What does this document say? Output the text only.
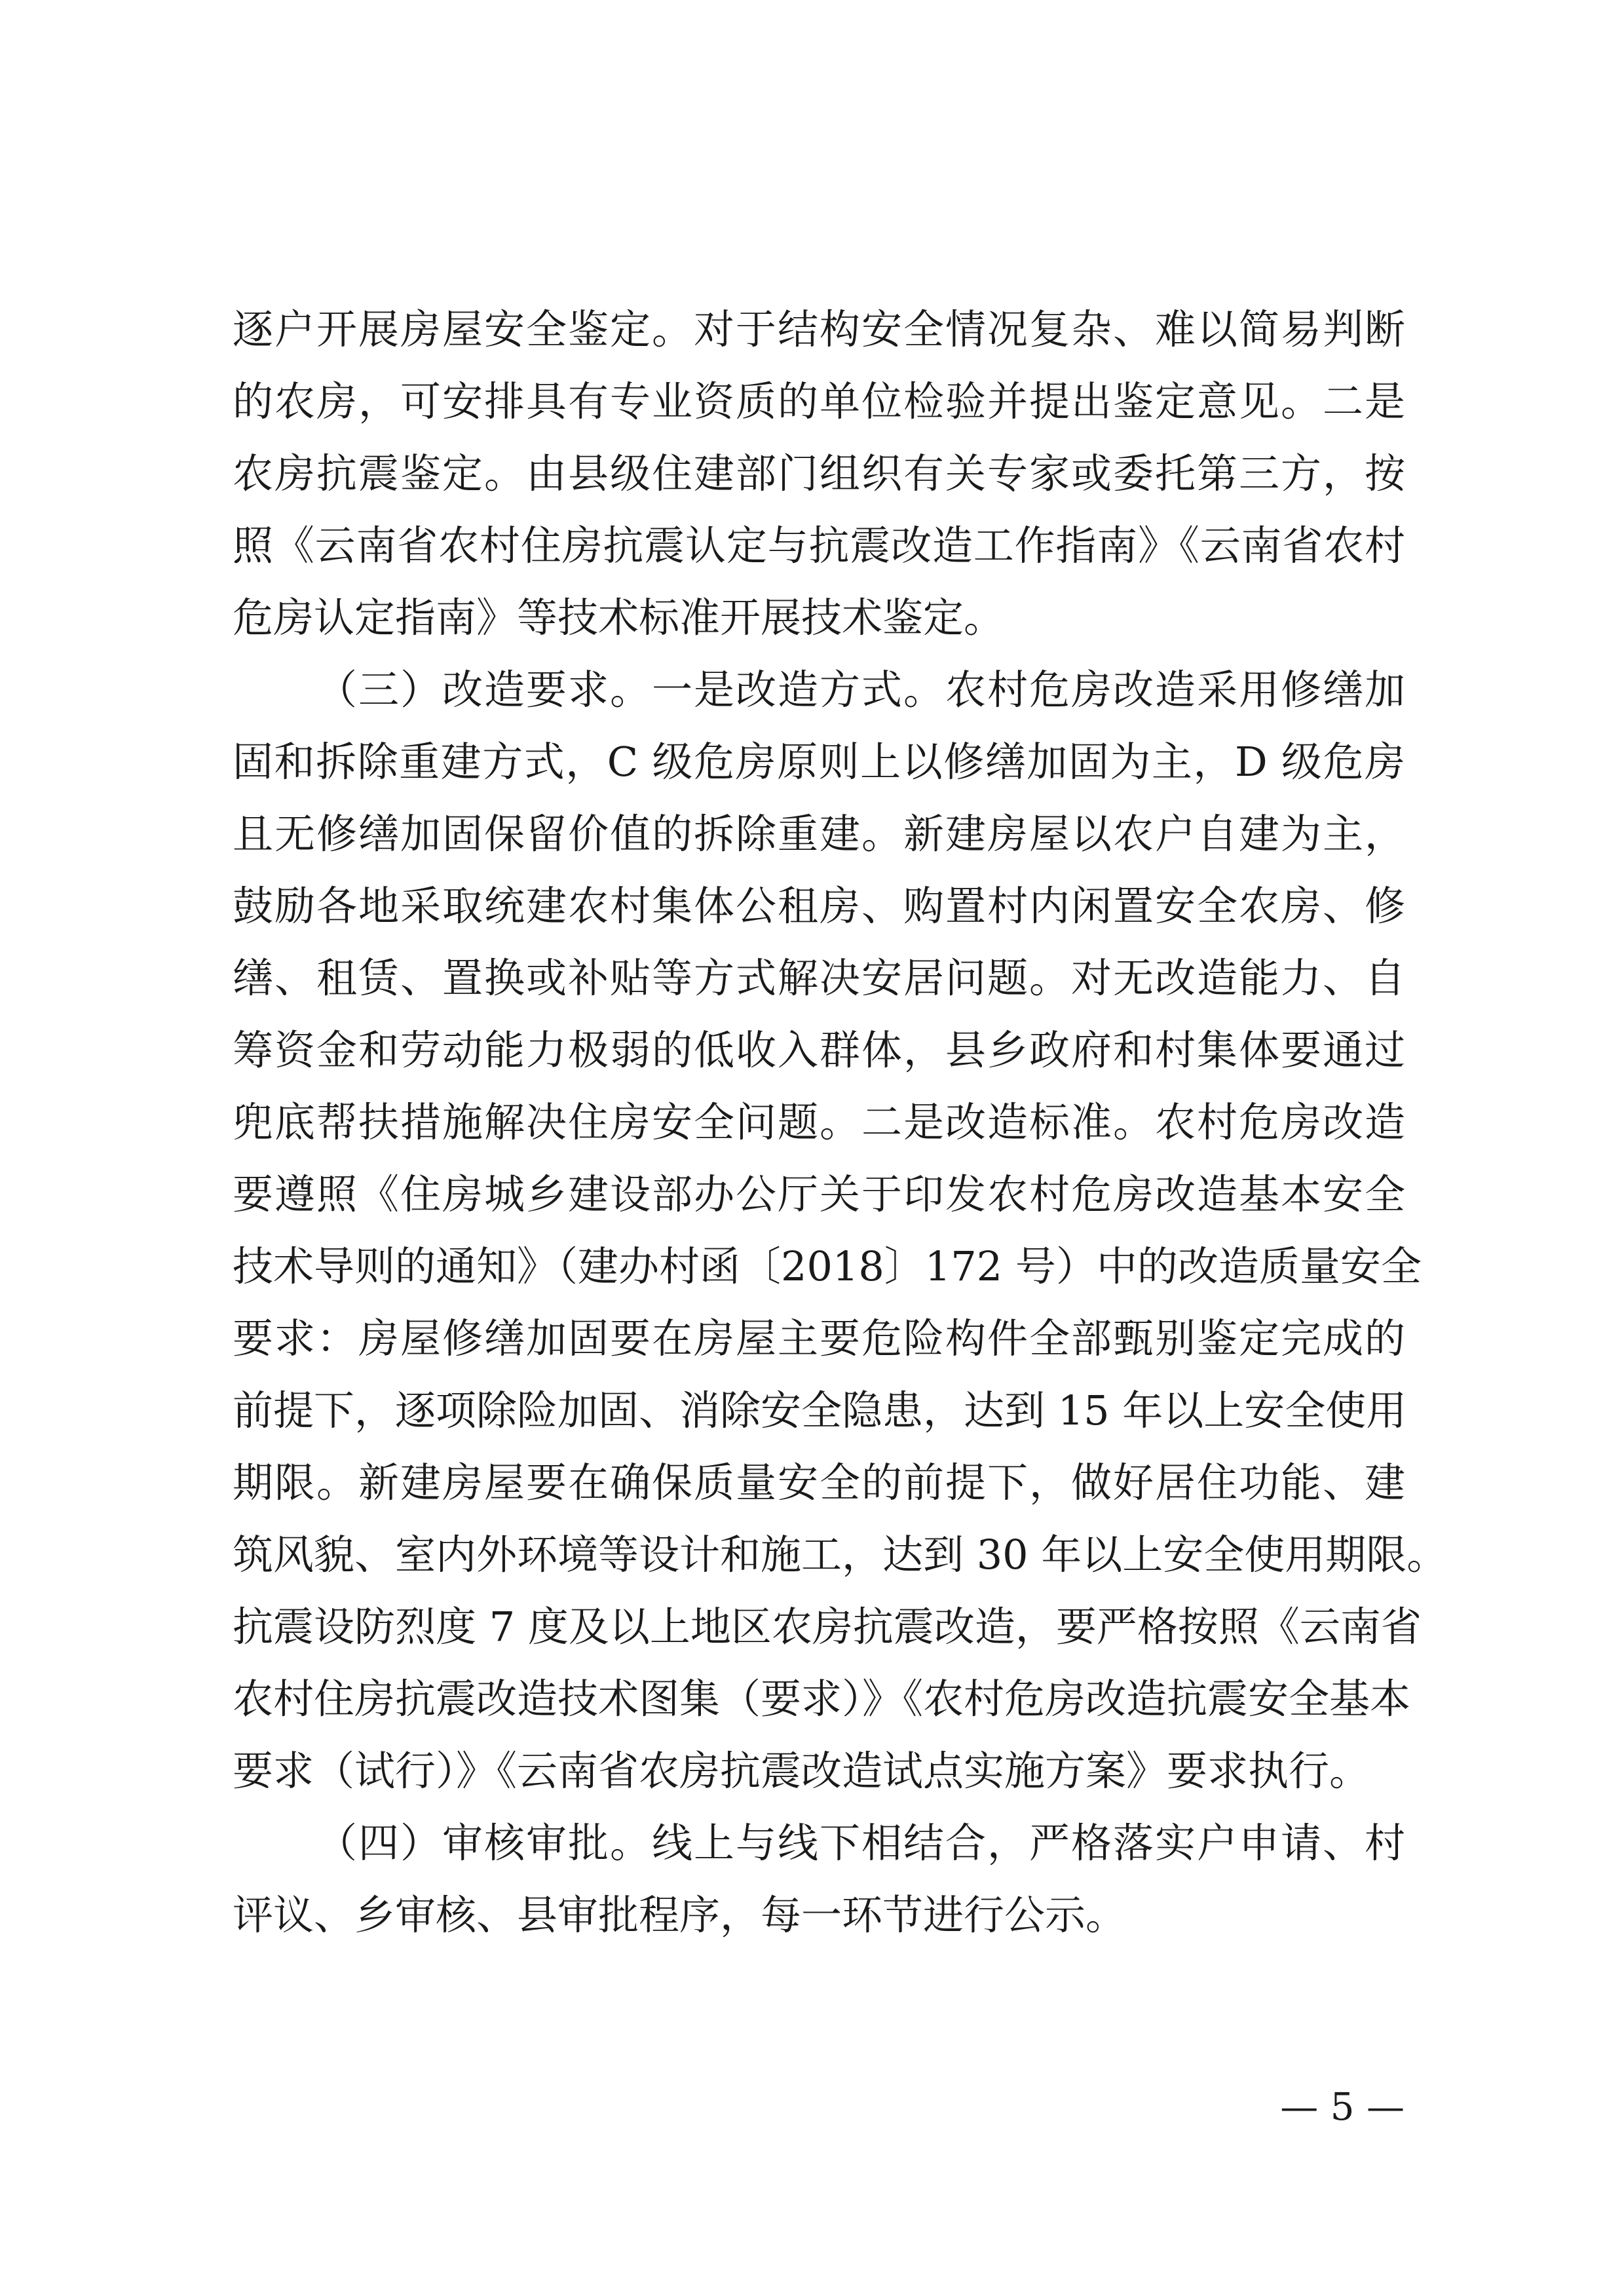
逐户开展房屋安全鉴定。对于结构安全情况复杂、难以简易判断
的农房，可安排具有专业资质的单位检验并提出鉴定意见。二是
农房抗震鉴定。由县级住建部门组织有关专家或委托第三方，按
照《云南省农村住房抗震认定与抗震改造工作指南》《云南省农村
危房认定指南》等技术标准开展技术鉴定。
（三）改造要求。一是改造方式。农村危房改造采用修缮加
固和拆除重建方式，C 级危房原则上以修缮加固为主，D 级危房
且无修缮加固保留价值的拆除重建。新建房屋以农户自建为主，
鼓励各地采取统建农村集体公租房、购置村内闲置安全农房、修
缮、租赁、置换或补贴等方式解决安居问题。对无改造能力、自
筹资金和劳动能力极弱的低收入群体，县乡政府和村集体要通过
兜底帮扶措施解决住房安全问题。二是改造标准。农村危房改造
要遵照《住房城乡建设部办公厅关于印发农村危房改造基本安全
技术导则的通知》（建办村函〔2018〕172 号）中的改造质量安全
要求：房屋修缮加固要在房屋主要危险构件全部甄别鉴定完成的
前提下，逐项除险加固、消除安全隐患，达到 15 年以上安全使用
期限。新建房屋要在确保质量安全的前提下，做好居住功能、建
筑风貌、室内外环境等设计和施工，达到 30 年以上安全使用期限。
抗震设防烈度 7 度及以上地区农房抗震改造，要严格按照《云南省
农村住房抗震改造技术图集（要求）》《农村危房改造抗震安全基本
要求（试行）》《云南省农房抗震改造试点实施方案》要求执行。
（四）审核审批。线上与线下相结合，严格落实户申请、村
评议、乡审核、县审批程序，每一环节进行公示。
— 5 —
